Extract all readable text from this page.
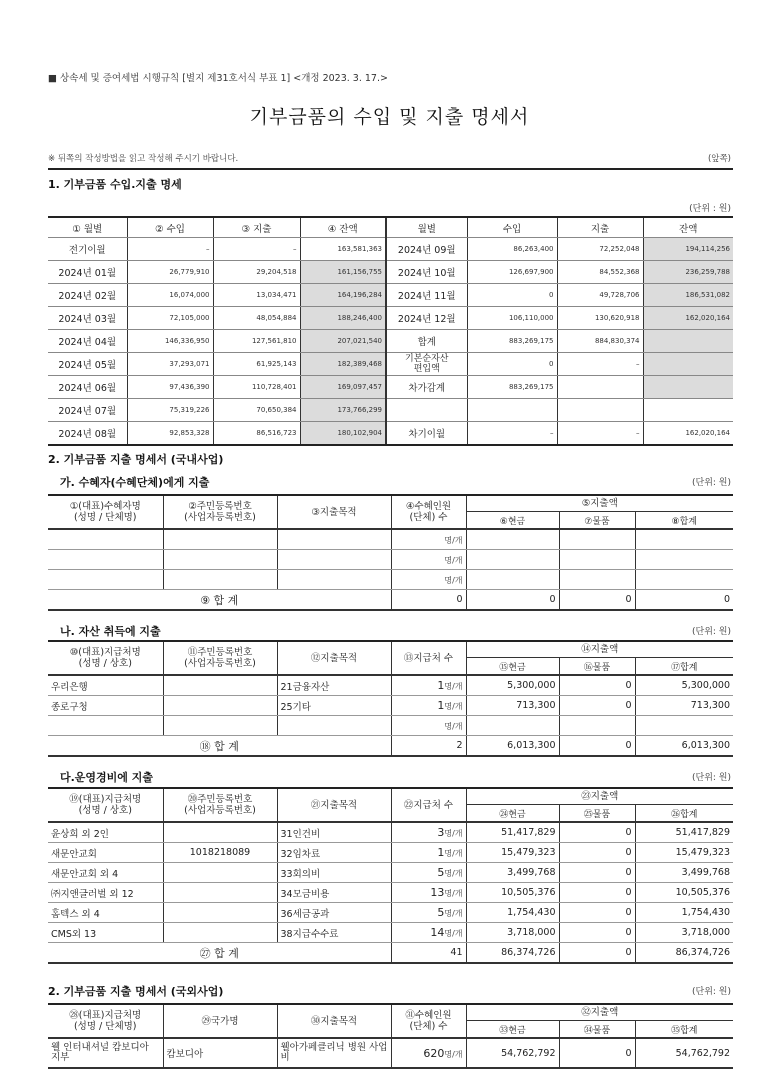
■ 상속세 및 증여세법 시행규칙 [별지 제31호서식 부표 1] <개정 2023. 3. 17.>
기부금품의 수입 및 지출 명세서
※ 뒤쪽의 작성방법을 읽고 작성해 주시기 바랍니다.	(앞쪽)
1. 기부금품 수입.지출 명세
(단위 : 원)
① 월별	② 수입	③ 지출	④ 잔액	월별	수입	지출	잔액
전기이월	–	–	163,581,363	2024년 09월	86,263,400	72,252,048	194,114,256
2024년 01월	26,779,910	29,204,518	161,156,755	2024년 10월	126,697,900	84,552,368	236,259,788
2024년 02월	16,074,000	13,034,471	164,196,284	2024년 11월	0	49,728,706	186,531,082
2024년 03월	72,105,000	48,054,884	188,246,400	2024년 12월	106,110,000	130,620,918	162,020,164
2024년 04월	146,336,950	127,561,810	207,021,540	합계	883,269,175	884,830,374	
2024년 05월	37,293,071	61,925,143	182,389,468	기본순자산 편입액	0	–	
2024년 06월	97,436,390	110,728,401	169,097,457	차가감계	883,269,175		
2024년 07월	75,319,226	70,650,384	173,766,299				
2024년 08월	92,853,328	86,516,723	180,102,904	차기이월	–	–	162,020,164
2. 기부금품 지출 명세서 (국내사업)
가. 수혜자(수혜단체)에게 지출	(단위: 원)
①(대표)수혜자명
(성명 / 단체명)	②주민등록번호
(사업자등록번호)	③지출목적	④수혜인원
(단체) 수	⑤지출액		
				⑥현금	⑦물품	⑧합계
			명/개			
			명/개			
			명/개			
⑨ 합 계			0	0	0	0
나. 자산 취득에 지출	(단위: 원)
⑩(대표)지급처명
(성명 / 상호)	⑪주민등록번호
(사업자등록번호)	⑫지출목적	⑬지급처 수	⑭지출액		
				⑮현금	⑯물품	⑰합계
우리은행		21금융자산	1명/개	5,300,000	0	5,300,000
종로구청		25기타	1명/개	713,300	0	713,300
			명/개			
⑱ 합 계			2	6,013,300	0	6,013,300
다.운영경비에 지출	(단위: 원)
⑲(대표)지급처명
(성명 / 상호)	⑳주민등록번호
(사업자등록번호)	㉑지출목적	㉒지급처 수	㉓지출액		
				㉔현금	㉕물품	㉖합계
윤상희 외 2인		31인건비	3명/개	51,417,829	0	51,417,829
새문안교회	1018218089	32임차료	1명/개	15,479,323	0	15,479,323
새문안교회 외 4		33회의비	5명/개	3,499,768	0	3,499,768
㈜지앤글러벌 외 12		34모금비용	13명/개	10,505,376	0	10,505,376
홈텍스 외 4		36세금공과	5명/개	1,754,430	0	1,754,430
CMS외 13		38지급수수료	14명/개	3,718,000	0	3,718,000
㉗ 합 계			41	86,374,726	0	86,374,726
2. 기부금품 지출 명세서 (국외사업)	(단위: 원)
㉘(대표)지급처명
(성명 / 단체명)	㉙국가명	㉚지출목적	㉛수혜인원
(단체) 수	㉜지출액		
				㉝현금	㉞물품	㉟합계
웰 인터내셔널 캄보디아 지부	캄보디아	웰아가페클리닉 병원 사업비	620명/개	54,762,792	0	54,762,792
